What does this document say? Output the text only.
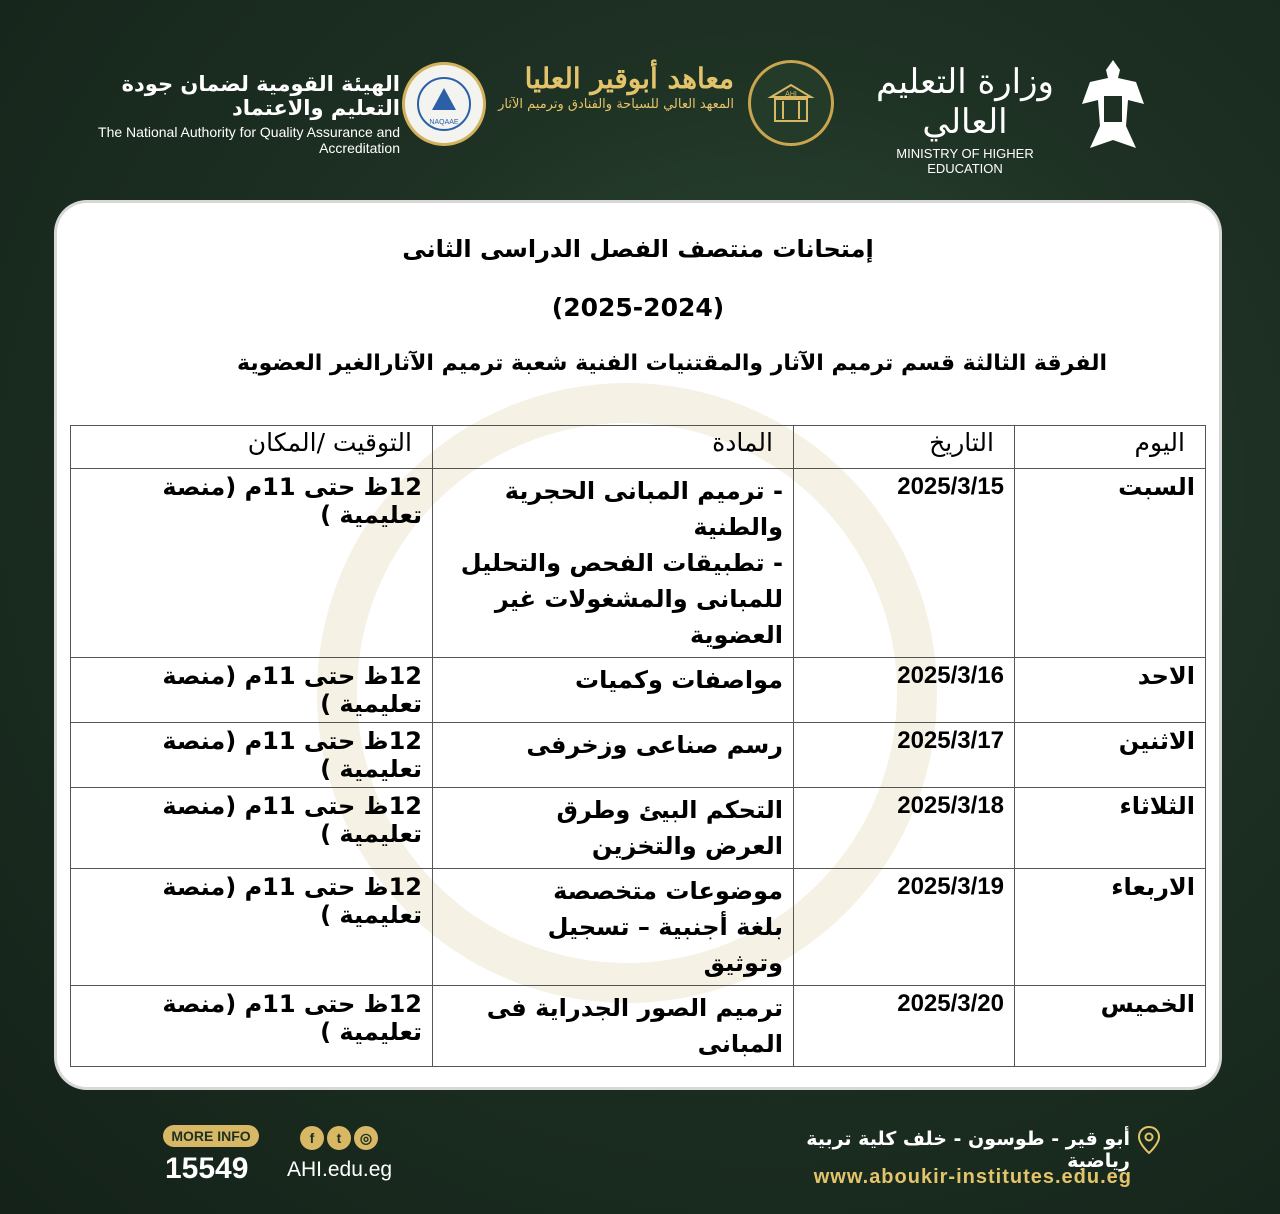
الهيئة القومية لضمان جودة التعليم والاعتماد
The National Authority for Quality Assurance and Accreditation
NAQAAE
معاهد أبوقير العليا
المعهد العالي للسياحة والفنادق وترميم الآثار
AHI	وزارة التعليم العالي
MINISTRY OF HIGHER EDUCATION
إمتحانات منتصف الفصل الدراسى الثانى
(2025-2024)
الفرقة الثالثة قسم ترميم الآثار والمقتنيات الفنية شعبة ترميم الآثارالغير العضوية
اليوم	التاريخ	المادة	التوقيت /المكان
السبت	2025/3/15	- ترميم المبانى الحجرية
والطنية
- تطبيقات الفحص والتحليل
للمبانى والمشغولات غير
العضوية	12ظ حتى 11م (منصة تعليمية )
الاحد	2025/3/16	مواصفات وكميات	12ظ حتى 11م (منصة تعليمية )
الاثنين	2025/3/17	رسم صناعى وزخرفى	12ظ حتى 11م (منصة تعليمية )
الثلاثاء	2025/3/18	التحكم البيئ وطرق
العرض والتخزين	12ظ حتى 11م (منصة تعليمية )
الاربعاء	2025/3/19	موضوعات متخصصة
بلغة أجنبية – تسجيل
وتوثيق	12ظ حتى 11م (منصة تعليمية )
الخميس	2025/3/20	ترميم الصور الجدراية فى
المبانى	12ظ حتى 11م (منصة تعليمية )
MORE INFO
15549
f	t	◎
AHI.edu.eg
أبو قير - طوسون - خلف كلية تربية رياضية
www.aboukir-institutes.edu.eg
